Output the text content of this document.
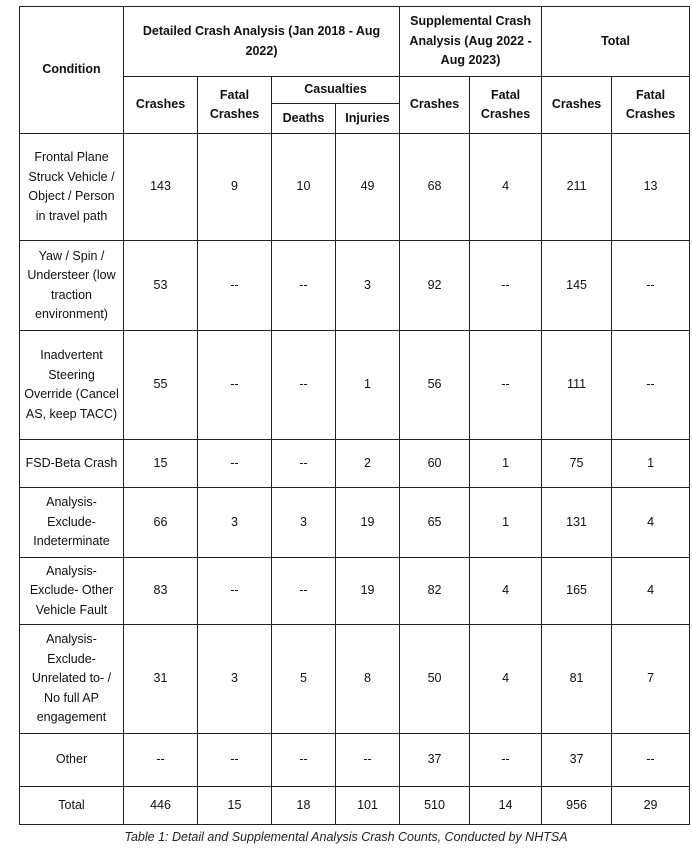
Condition	Detailed Crash Analysis (Jan 2018 - Aug 2022)				Supplemental Crash Analysis (Aug 2022 - Aug 2023)		Total	
	Crashes	Fatal Crashes	Casualties		Crashes	Fatal Crashes	Crashes	Fatal Crashes
			Deaths	Injuries				
Frontal Plane Struck Vehicle / Object / Person in travel path	143	9	10	49	68	4	211	13
Yaw / Spin / Understeer (low traction environment)	53	--	--	3	92	--	145	--
Inadvertent Steering Override (Cancel AS, keep TACC)	55	--	--	1	56	--	111	--
FSD-Beta Crash	15	--	--	2	60	1	75	1
Analysis-Exclude-Indeterminate	66	3	3	19	65	1	131	4
Analysis-Exclude- Other Vehicle Fault	83	--	--	19	82	4	165	4
Analysis-Exclude-Unrelated to- / No full AP engagement	31	3	5	8	50	4	81	7
Other	--	--	--	--	37	--	37	--
Total	446	15	18	101	510	14	956	29
Table 1: Detail and Supplemental Analysis Crash Counts, Conducted by NHTSA
